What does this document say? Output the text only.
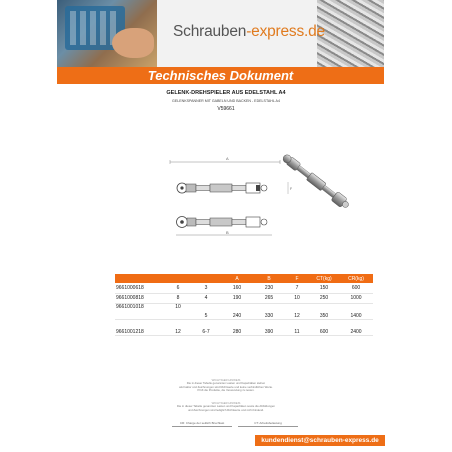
Schrauben-express.de
Technisches Dokument
GELENK-DREHSPIELER AUS EDELSTAHL A4
GELENKSPANNER MIT GABELN UND BACKEN - EDELSTAHL A4
V59661
A
F
B
			A	B	F	CT(kg)	CR(kg)
9661000618	6	3	160	230	7	150	600
9661000818	8	4	190	265	10	250	1000
9661001018	10	5	240	330	12	350	1400
9661001218	12	6-7	280	390	11	600	2400
WICHTIGER HINWEIS
Die in dieser Tabelle genannten Lasten und Kapazitäten stehen
als Faktor und Zeichnungen sind Richtwerte und keine verbindlichen Werte.
Prüft die Produkte, die Verwendung zu testen.
WICHTIGER HINWEIS
Die in dieser Tabelle genannten Lasten und Kapazitäten sowie die Abbildungen
und Zeichnungen sind lediglich Richtwerte und nicht bindend.
CR: Charge der seitlich Bruchlast	CT: Arbeitsbelastung
kundendienst@schrauben-express.de
